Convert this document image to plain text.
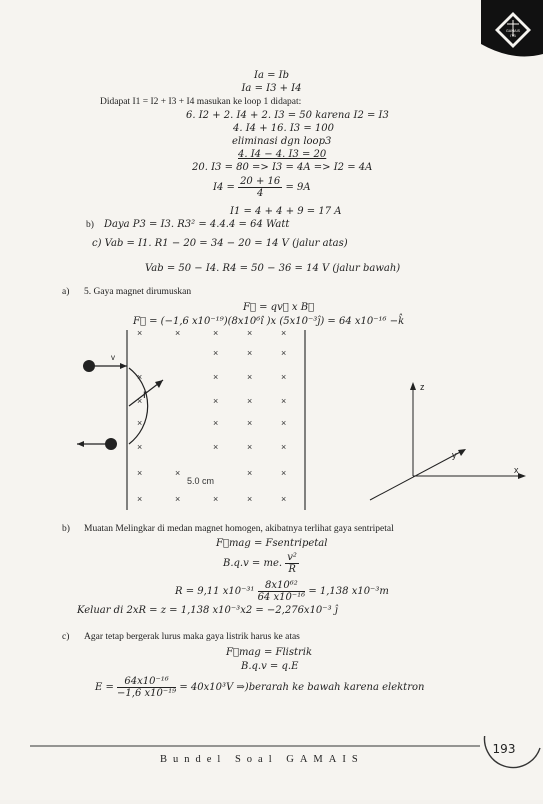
GAMAIS
ITB
Ia = Ib
Ia = I3 + I4
Didapat I1 = I2 + I3 + I4 masukan ke loop 1 didapat:
6. I2 + 2. I4 + 2. I3 = 50 karena I2 = I3
4. I4 + 16. I3 = 100
eliminasi dgn loop3
4. I4 − 4. I3 = 20
20. I3 = 80 => I3 = 4A => I2 = 4A
$I4 = \frac{20 + 16}{4} = 9A$
I1 = 4 + 4 + 9 = 17 A
b) Daya P3 = I3. R3² = 4.4.4 = 64 Watt
c) Vab = I1. R1 − 20 = 34 − 20 = 14 V (jalur atas)
Vab = 50 − I4. R4 = 50 − 36 = 14 V (jalur bawah)
a) 5. Gaya magnet dirumuskan
F⃗ = qv⃗ x B⃗
F⃗ = (−1,6 x10⁻¹⁹)(8x10⁶î )x (5x10⁻³ĵ) = 64 x10⁻¹⁶ −k̂
v
r
5.0 cm
×	×	×	×	×
×	×	×
×	×	×	×
×	×	×	×
×	×	×	×
×	×	×	×
×	×	×	×
×	×	×	×	×
z
y
x
b) Muatan Melingkar di medan magnet homogen, akibatnya terlihat gaya sentripetal
F⃗mag = Fsentripetal
B.q.v = me. $\frac{\text{v²}}{R}$
R = 9,11 $x10^{-31} \frac{\text{8x10⁶²}}{\text{64 x10⁻¹⁶}} = 1,138$ x10⁻³m
Keluar di 2xR = z = 1,138 x10⁻³x2 = −2,276x10⁻³ ĵ
c) Agar tetap bergerak lurus maka gaya listrik harus ke atas
F⃗mag = Flistrik
B.q.v = q.E
$E = \frac{\text{64x10⁻¹⁶}}{\text{−1,6 x10⁻¹⁹}} = 40x10^3V$ ⇒)berarah ke bawah karena elektron
193
Bundel Soal GAMAIS
